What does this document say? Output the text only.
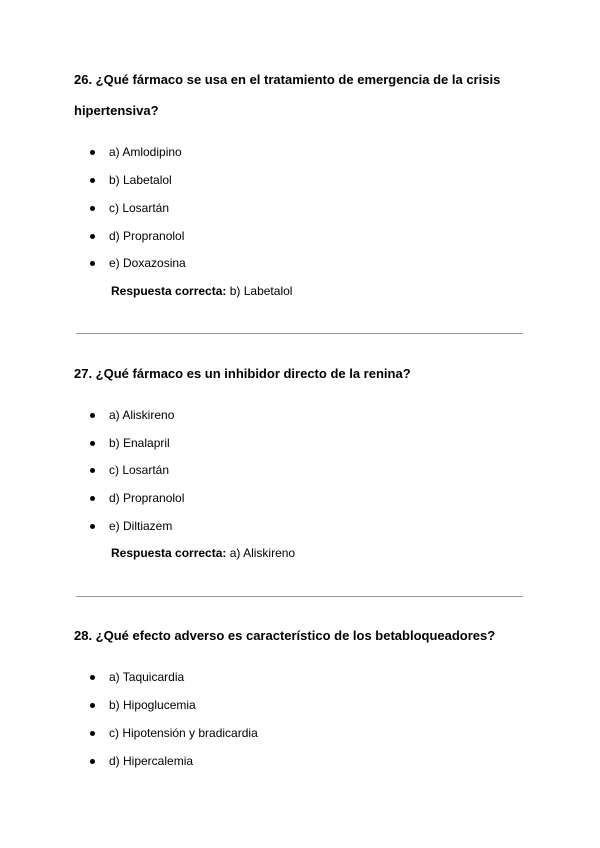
26. ¿Qué fármaco se usa en el tratamiento de emergencia de la crisis
hipertensiva?
a) Amlodipino
b) Labetalol
c) Losartán
d) Propranolol
e) Doxazosina
Respuesta correcta: b) Labetalol
27. ¿Qué fármaco es un inhibidor directo de la renina?
a) Aliskireno
b) Enalapril
c) Losartán
d) Propranolol
e) Diltiazem
Respuesta correcta: a) Aliskireno
28. ¿Qué efecto adverso es característico de los betabloqueadores?
a) Taquicardia
b) Hipoglucemia
c) Hipotensión y bradicardia
d) Hipercalemia
